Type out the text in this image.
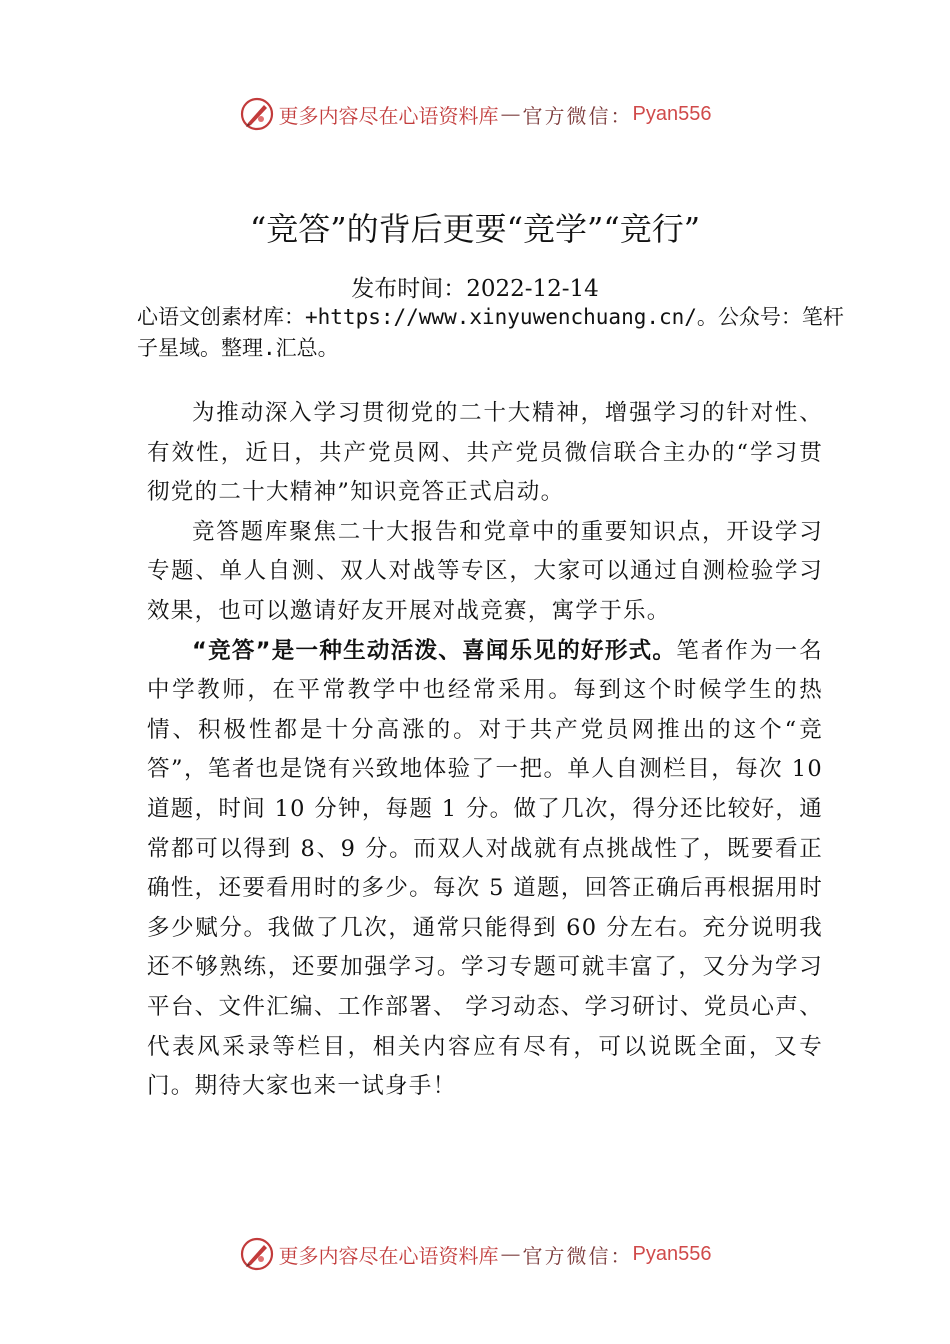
更多内容尽在心语资料库 — 官方微信： Pyan556
“竞答”的背后更要“竞学”“竞行”
发布时间：2022-12-14
心语文创素材库：+https://www.xinyuwenchuang.cn/。公众号：笔杆子星域。整理.汇总。

为推动深入学习贯彻党的二十大精神，增强学习的针对性、有效性，近日，共产党员网、共产党员微信联合主办的“学习贯彻党的二十大精神”知识竞答正式启动。

竞答题库聚焦二十大报告和党章中的重要知识点，开设学习专题、单人自测、双人对战等专区，大家可以通过自测检验学习效果，也可以邀请好友开展对战竞赛，寓学于乐。

“竞答”是一种生动活泼、喜闻乐见的好形式。笔者作为一名中学教师，在平常教学中也经常采用。每到这个时候学生的热情、积极性都是十分高涨的。对于共产党员网推出的这个“竞答”，笔者也是饶有兴致地体验了一把。单人自测栏目，每次 10 道题，时间 10 分钟，每题 1 分。做了几次，得分还比较好，通常都可以得到 8、9 分。而双人对战就有点挑战性了，既要看正确性，还要看用时的多少。每次 5 道题，回答正确后再根据用时多少赋分。我做了几次，通常只能得到 60 分左右。充分说明我还不够熟练，还要加强学习。学习专题可就丰富了，又分为学习平台、文件汇编、工作部署、 学习动态、学习研讨、党员心声、代表风采录等栏目，相关内容应有尽有，可以说既全面，又专门。期待大家也来一试身手！

更多内容尽在心语资料库 — 官方微信： Pyan556
